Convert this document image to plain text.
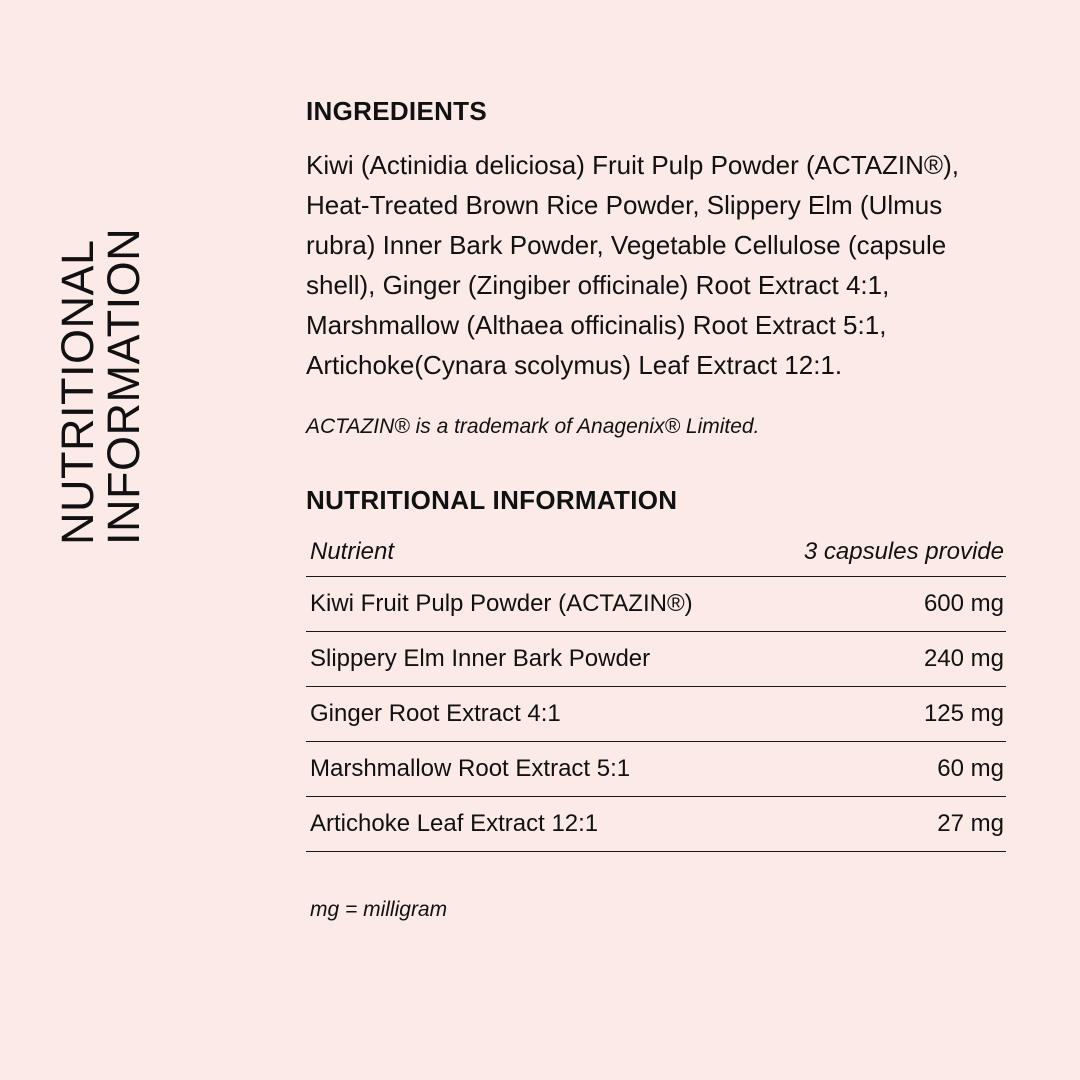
NUTRITIONAL
INFORMATION
INGREDIENTS

Kiwi (Actinidia deliciosa) Fruit Pulp Powder (ACTAZIN®), Heat-Treated Brown Rice Powder, Slippery Elm (Ulmus rubra) Inner Bark Powder, Vegetable Cellulose (capsule shell), Ginger (Zingiber officinale) Root Extract 4:1, Marshmallow (Althaea officinalis) Root Extract 5:1, Artichoke(Cynara scolymus) Leaf Extract 12:1.

ACTAZIN® is a trademark of Anagenix® Limited.

NUTRITIONAL INFORMATION
Nutrient	3 capsules provide
Kiwi Fruit Pulp Powder (ACTAZIN®)	600 mg
Slippery Elm Inner Bark Powder	240 mg
Ginger Root Extract 4:1	125 mg
Marshmallow Root Extract 5:1	60 mg
Artichoke Leaf Extract 12:1	27 mg

mg = milligram
